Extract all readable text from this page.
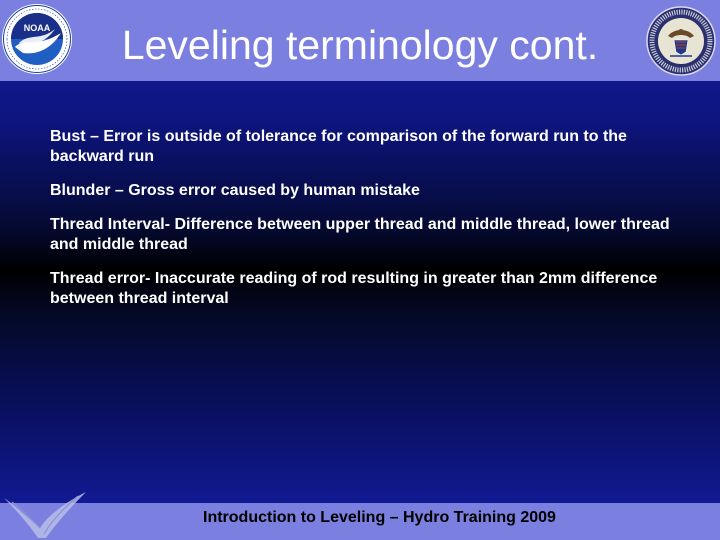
NOAA	Leveling terminology cont.

Bust – Error is outside of tolerance for comparison of the forward run to the backward run

Blunder – Gross error caused by human mistake

Thread Interval- Difference between upper thread and middle thread, lower thread and middle thread

Thread error- Inaccurate reading of rod resulting in greater than 2mm difference between thread interval

Introduction to Leveling – Hydro Training 2009
